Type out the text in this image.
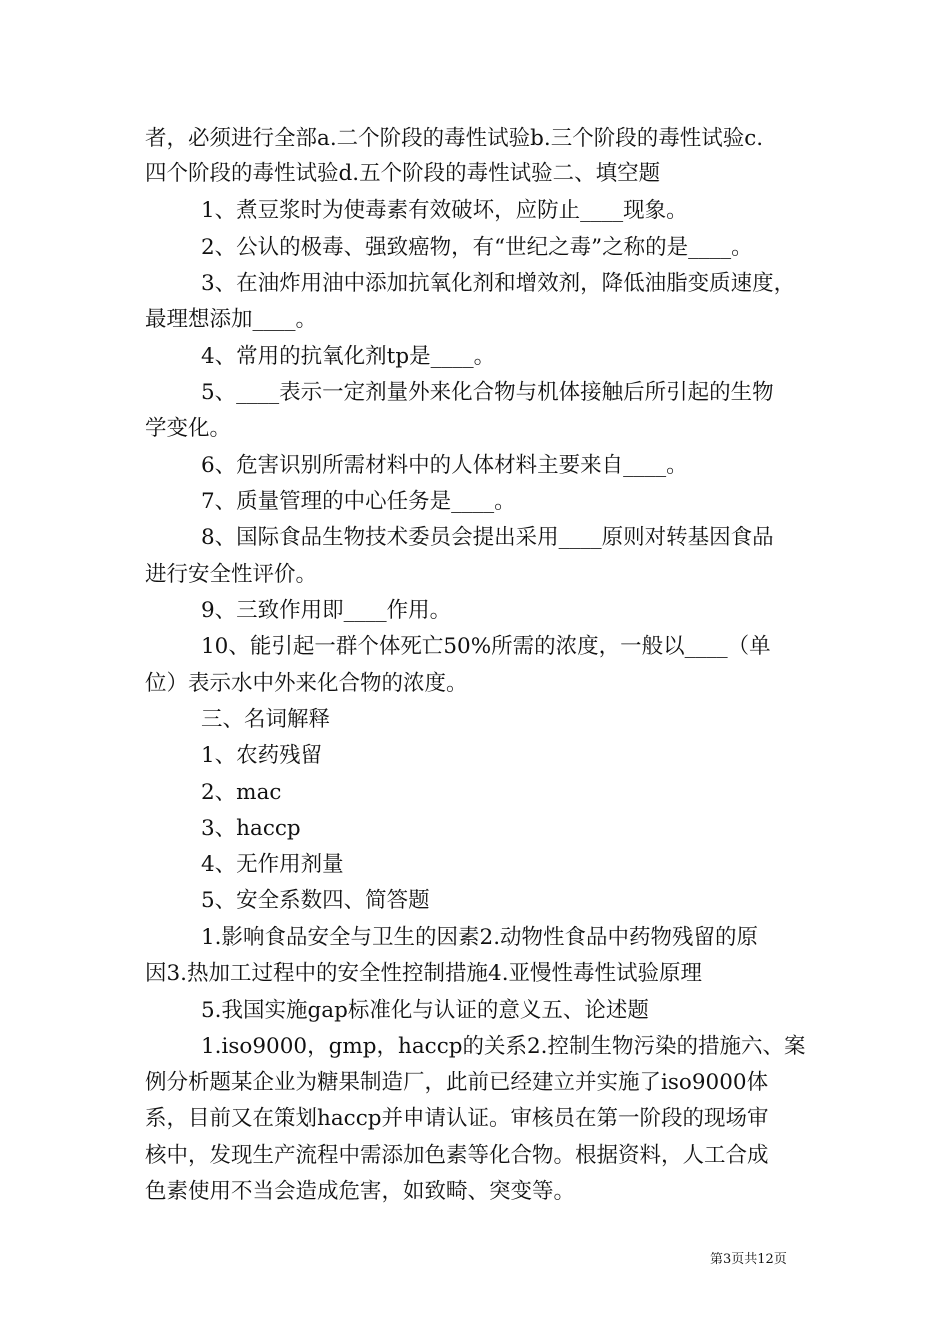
者，必须进行全部a.二个阶段的毒性试验b.三个阶段的毒性试验c.
四个阶段的毒性试验d.五个阶段的毒性试验二、填空题
1、煮豆浆时为使毒素有效破坏，应防止____现象。
2、公认的极毒、强致癌物，有“世纪之毒”之称的是____。
3、在油炸用油中添加抗氧化剂和增效剂，降低油脂变质速度，
最理想添加____。
4、常用的抗氧化剂tp是____。
5、____表示一定剂量外来化合物与机体接触后所引起的生物
学变化。
6、危害识别所需材料中的人体材料主要来自____。
7、质量管理的中心任务是____。
8、国际食品生物技术委员会提出采用____原则对转基因食品
进行安全性评价。
9、三致作用即____作用。
10、能引起一群个体死亡50%所需的浓度，一般以____（单
位）表示水中外来化合物的浓度。
三、名词解释
1、农药残留
2、mac
3、haccp
4、无作用剂量
5、安全系数四、简答题
1.影响食品安全与卫生的因素2.动物性食品中药物残留的原
因3.热加工过程中的安全性控制措施4.亚慢性毒性试验原理
5.我国实施gap标准化与认证的意义五、论述题
1.iso9000，gmp，haccp的关系2.控制生物污染的措施六、案
例分析题某企业为糖果制造厂，此前已经建立并实施了iso9000体
系，目前又在策划haccp并申请认证。审核员在第一阶段的现场审
核中，发现生产流程中需添加色素等化合物。根据资料，人工合成
色素使用不当会造成危害，如致畸、突变等。
第3页共12页
